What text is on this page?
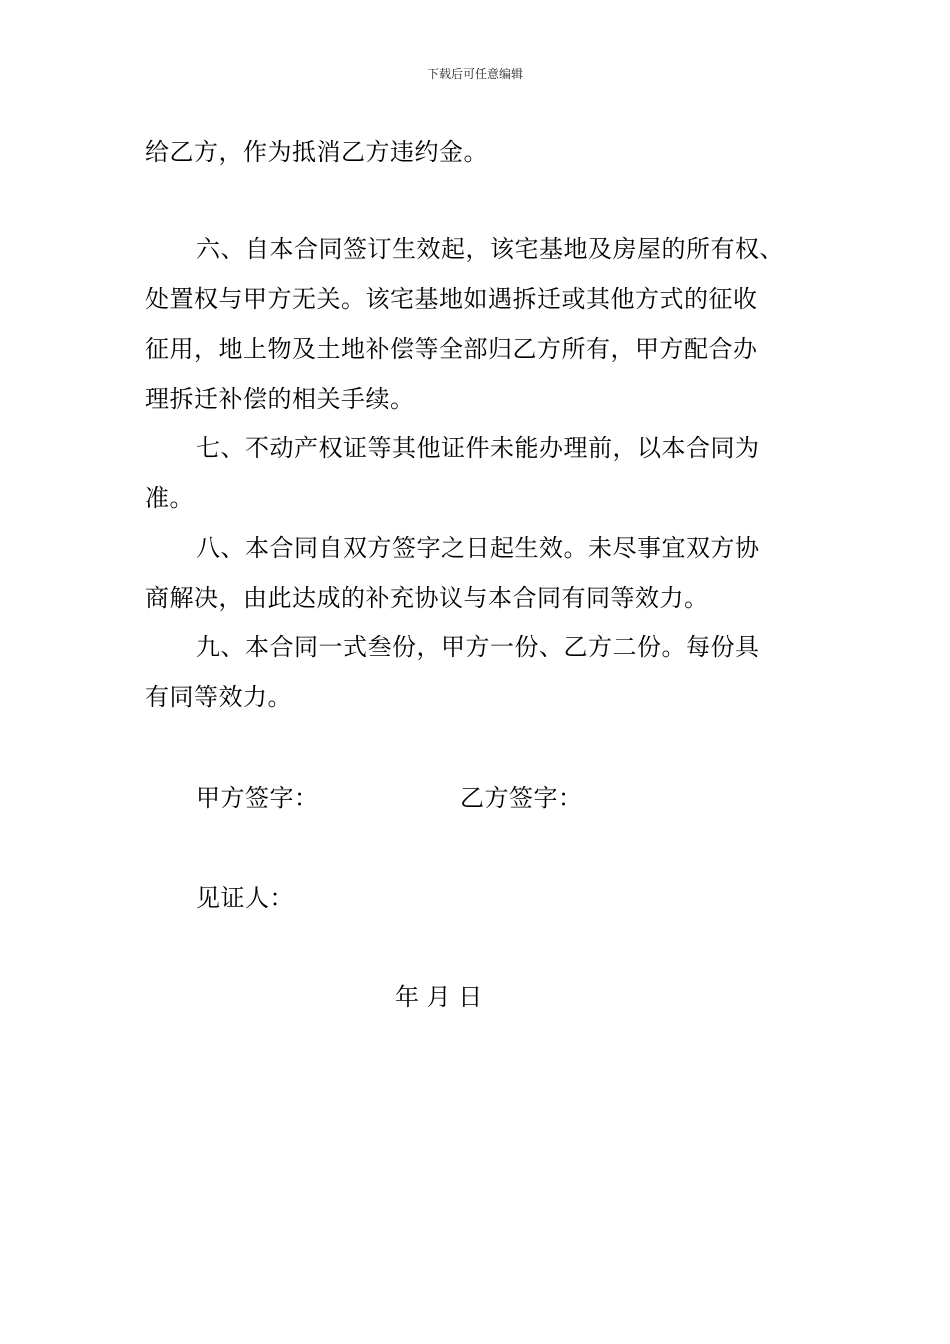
下载后可任意编辑
给乙方，作为抵消乙方违约金。
六、自本合同签订生效起，该宅基地及房屋的所有权、
处置权与甲方无关。该宅基地如遇拆迁或其他方式的征收
征用，地上物及土地补偿等全部归乙方所有，甲方配合办
理拆迁补偿的相关手续。
七、不动产权证等其他证件未能办理前，以本合同为
准。
八、本合同自双方签字之日起生效。未尽事宜双方协
商解决，由此达成的补充协议与本合同有同等效力。
九、本合同一式叁份，甲方一份、乙方二份。每份具
有同等效力。
甲方签字：	乙方签字：
见证人：
年 月 日
